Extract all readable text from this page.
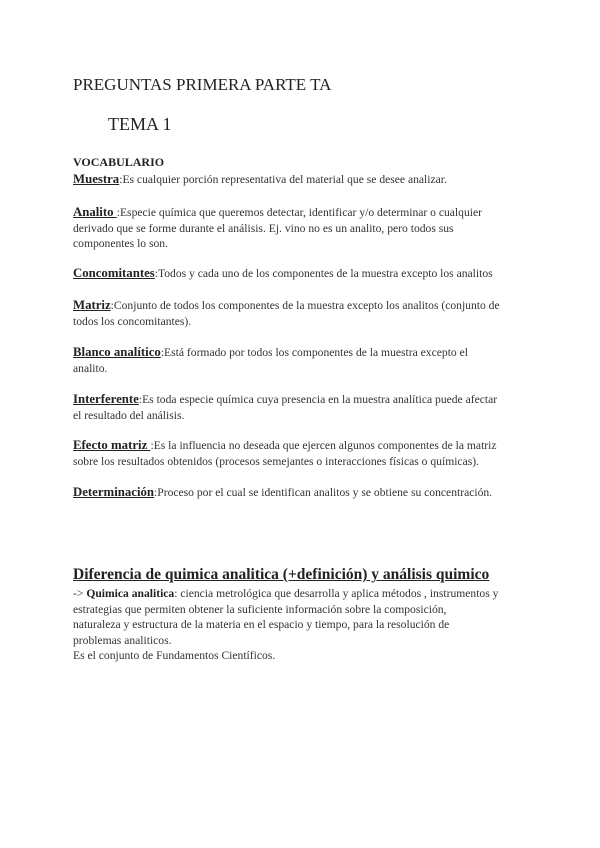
PREGUNTAS PRIMERA PARTE TA
TEMA 1
VOCABULARIO
Muestra:Es cualquier porción representativa del material que se desee analizar.
Analito :Especie química que queremos detectar, identificar y/o determinar o cualquier
derivado que se forme durante el análisis. Ej. vino no es un analito, pero todos sus
componentes lo son.
Concomitantes:Todos y cada uno de los componentes de la muestra excepto los analitos
Matriz:Conjunto de todos los componentes de la muestra excepto los analitos (conjunto de
todos los concomitantes).
Blanco analítico:Está formado por todos los componentes de la muestra excepto el
analito.
Interferente:Es toda especie química cuya presencia en la muestra analítica puede afectar
el resultado del análisis.
Efecto matriz :Es la influencia no deseada que ejercen algunos componentes de la matriz
sobre los resultados obtenidos (procesos semejantes o interacciones físicas o químicas).
Determinación:Proceso por el cual se identifican analitos y se obtiene su concentración.
Diferencia de quimica analitica (+definición) y análisis quimico
-> Quimica analitica: ciencia metrológica que desarrolla y aplica métodos , instrumentos y
estrategias que permiten obtener la suficiente información sobre la composición,
naturaleza y estructura de la materia en el espacio y tiempo, para la resolución de
problemas analiticos.
Es el conjunto de Fundamentos Científicos.
